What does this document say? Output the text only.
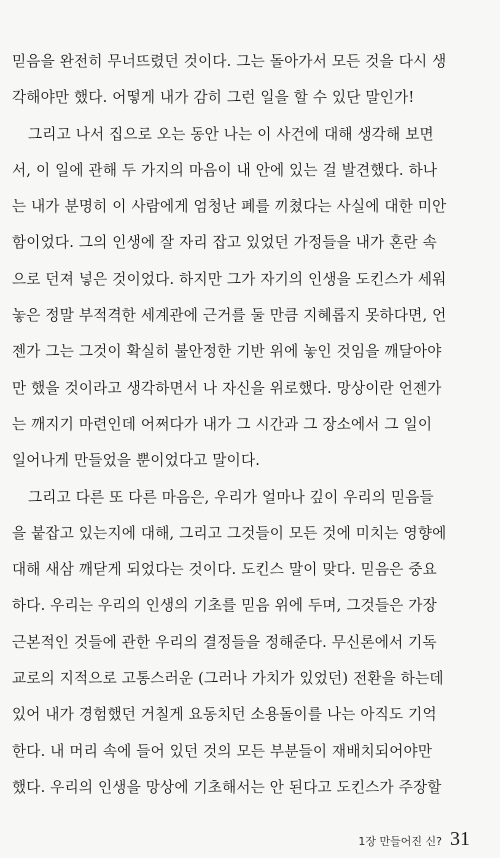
믿음을 완전히 무너뜨렸던 것이다. 그는 돌아가서 모든 것을 다시 생
각해야만 했다. 어떻게 내가 감히 그런 일을 할 수 있단 말인가!
그리고 나서 집으로 오는 동안 나는 이 사건에 대해 생각해 보면
서, 이 일에 관해 두 가지의 마음이 내 안에 있는 걸 발견했다. 하나
는 내가 분명히 이 사람에게 엄청난 폐를 끼쳤다는 사실에 대한 미안
함이었다. 그의 인생에 잘 자리 잡고 있었던 가정들을 내가 혼란 속
으로 던져 넣은 것이었다. 하지만 그가 자기의 인생을 도킨스가 세워
놓은 정말 부적격한 세계관에 근거를 둘 만큼 지혜롭지 못하다면, 언
젠가 그는 그것이 확실히 불안정한 기반 위에 놓인 것임을 깨달아야
만 했을 것이라고 생각하면서 나 자신을 위로했다. 망상이란 언젠가
는 깨지기 마련인데 어쩌다가 내가 그 시간과 그 장소에서 그 일이
일어나게 만들었을 뿐이었다고 말이다.
그리고 다른 또 다른 마음은, 우리가 얼마나 깊이 우리의 믿음들
을 붙잡고 있는지에 대해, 그리고 그것들이 모든 것에 미치는 영향에
대해 새삼 깨닫게 되었다는 것이다. 도킨스 말이 맞다. 믿음은 중요
하다. 우리는 우리의 인생의 기초를 믿음 위에 두며, 그것들은 가장
근본적인 것들에 관한 우리의 결정들을 정해준다. 무신론에서 기독
교로의 지적으로 고통스러운 (그러나 가치가 있었던) 전환을 하는데
있어 내가 경험했던 거칠게 요동치던 소용돌이를 나는 아직도 기억
한다. 내 머리 속에 들어 있던 것의 모든 부분들이 재배치되어야만
했다. 우리의 인생을 망상에 기초해서는 안 된다고 도킨스가 주장할
1장 만들어진 신? 31
